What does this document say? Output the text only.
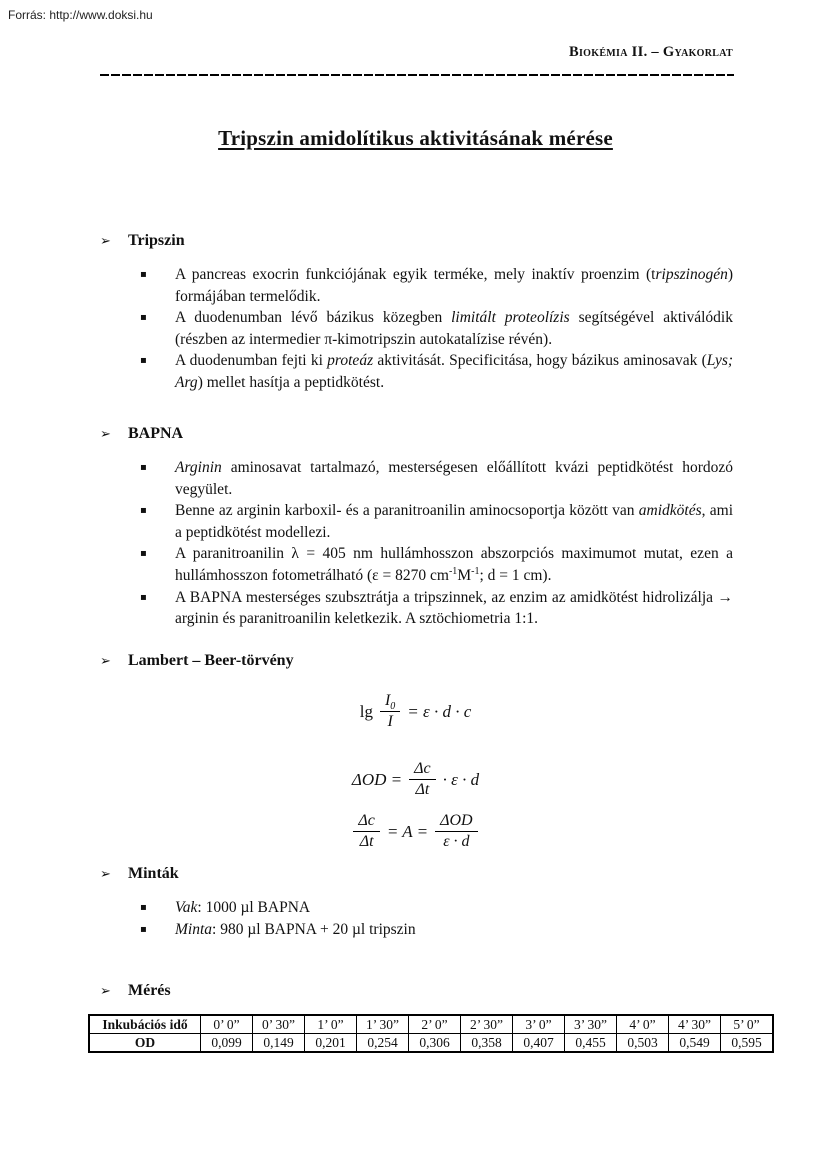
Forrás: http://www.doksi.hu
Biokémia II. – Gyakorlat
Tripszin amidolítikus aktivitásának mérése
➢ Tripszin
▪ A pancreas exocrin funkciójának egyik terméke, mely inaktív proenzim (tripszinogén) formájában termelődik.
▪ A duodenumban lévő bázikus közegben limitált proteolízis segítségével aktiválódik (részben az intermedier π-kimotripszin autokatalízise révén).
▪ A duodenumban fejti ki proteáz aktivitását. Specificitása, hogy bázikus aminosavak (Lys; Arg) mellet hasítja a peptidkötést.
➢ BAPNA
▪ Arginin aminosavat tartalmazó, mesterségesen előállított kvázi peptidkötést hordozó vegyület.
▪ Benne az arginin karboxil- és a paranitroanilin aminocsoportja között van amidkötés, ami a peptidkötést modellezi.
▪ A paranitroanilin λ = 405 nm hullámhosszon abszorpciós maximumot mutat, ezen a hullámhosszon fotometrálható (ε = 8270 $cm^{-1}M^{-1}$; d = 1 cm).
▪ A BAPNA mesterséges szubsztrátja a tripszinnek, az enzim az amidkötést hidrolizálja → arginin és paranitroanilin keletkezik. A sztöchiometria 1:1.
➢ Lambert – Beer-törvény
$\lg \frac{I_0}{I} = \varepsilon \cdot d \cdot c$
$\Delta OD = \frac{\Delta c}{\Delta t} \cdot \varepsilon \cdot d$
$\frac{\Delta c}{\Delta t} = A = \frac{\text{ΔOD}}{\varepsilon \cdot d}$
➢ Minták
▪ Vak: 1000 µl BAPNA
▪ Minta: 980 µl BAPNA + 20 µl tripszin
➢ Mérés
Inkubációs idő	0’ 0”	0’ 30”	1’ 0”	1’ 30”	2’ 0”	2’ 30”	3’ 0”	3’ 30”	4’ 0”	4’ 30”	5’ 0”
OD	0,099	0,149	0,201	0,254	0,306	0,358	0,407	0,455	0,503	0,549	0,595
